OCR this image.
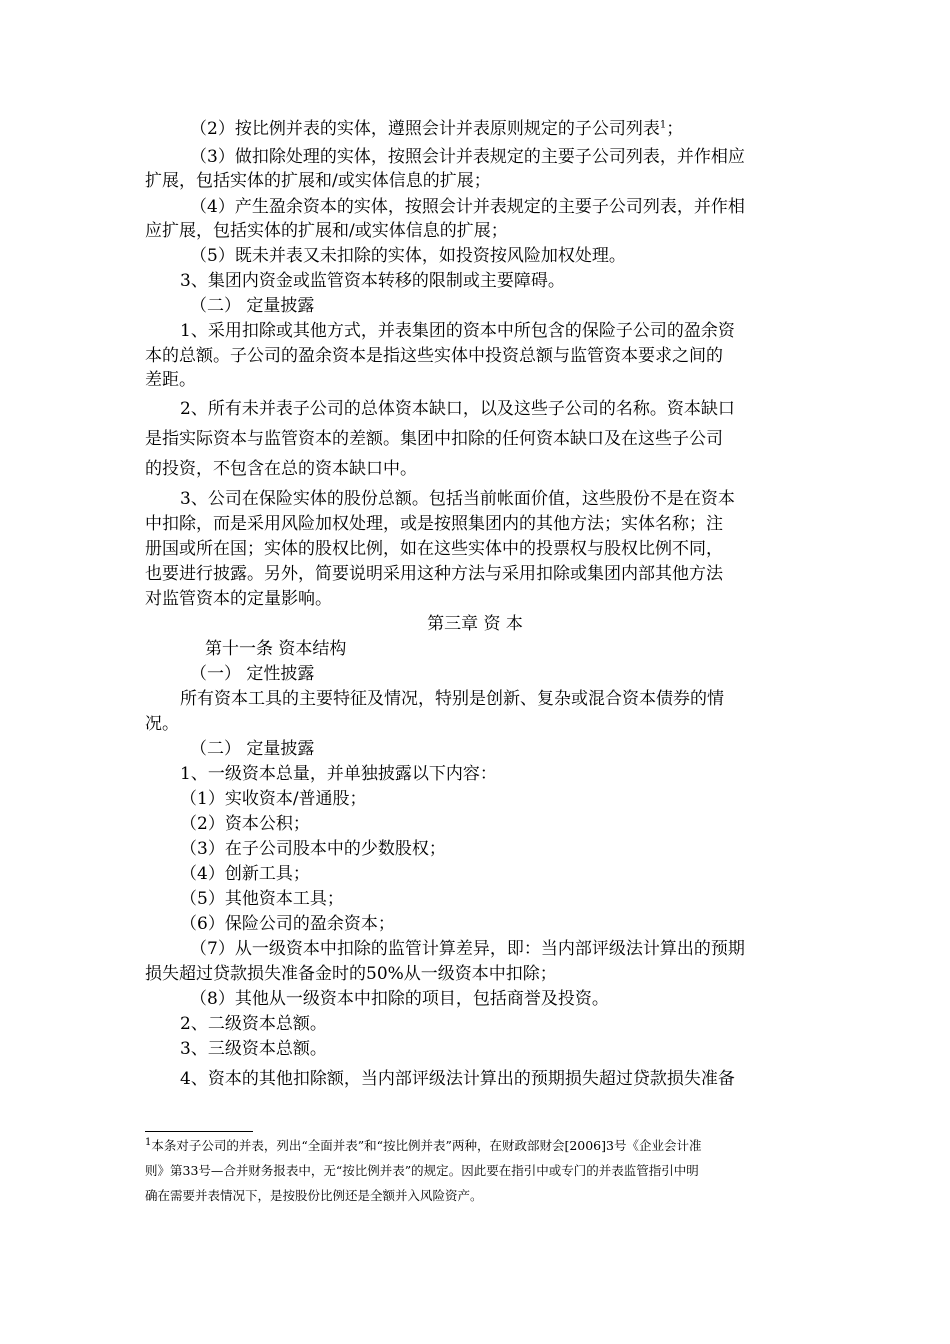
（2）按比例并表的实体，遵照会计并表原则规定的子公司列表$^1$；
（3）做扣除处理的实体，按照会计并表规定的主要子公司列表，并作相应
扩展，包括实体的扩展和/或实体信息的扩展；
（4）产生盈余资本的实体，按照会计并表规定的主要子公司列表，并作相
应扩展，包括实体的扩展和/或实体信息的扩展；
（5）既未并表又未扣除的实体，如投资按风险加权处理。
3、集团内资金或监管资本转移的限制或主要障碍。
（二） 定量披露
1、采用扣除或其他方式，并表集团的资本中所包含的保险子公司的盈余资
本的总额。子公司的盈余资本是指这些实体中投资总额与监管资本要求之间的
差距。
2、所有未并表子公司的总体资本缺口，以及这些子公司的名称。资本缺口
是指实际资本与监管资本的差额。集团中扣除的任何资本缺口及在这些子公司
的投资，不包含在总的资本缺口中。
3、公司在保险实体的股份总额。包括当前帐面价值，这些股份不是在资本
中扣除，而是采用风险加权处理，或是按照集团内的其他方法；实体名称；注
册国或所在国；实体的股权比例，如在这些实体中的投票权与股权比例不同，
也要进行披露。另外，简要说明采用这种方法与采用扣除或集团内部其他方法
对监管资本的定量影响。
第三章 资 本
第十一条 资本结构
（一） 定性披露
所有资本工具的主要特征及情况，特别是创新、复杂或混合资本债券的情
况。
（二） 定量披露
1、一级资本总量，并单独披露以下内容：
（1）实收资本/普通股；
（2）资本公积；
（3）在子公司股本中的少数股权；
（4）创新工具；
（5）其他资本工具；
（6）保险公司的盈余资本；
（7）从一级资本中扣除的监管计算差异，即：当内部评级法计算出的预期
损失超过贷款损失准备金时的50%从一级资本中扣除；
（8）其他从一级资本中扣除的项目，包括商誉及投资。
2、二级资本总额。
3、三级资本总额。
4、资本的其他扣除额，当内部评级法计算出的预期损失超过贷款损失准备
$^1$本条对子公司的并表，列出“全面并表”和“按比例并表”两种，在财政部财会[2006]3号《企业会计准
则》第33号—合并财务报表中，无“按比例并表”的规定。因此要在指引中或专门的并表监管指引中明
确在需要并表情况下，是按股份比例还是全额并入风险资产。
